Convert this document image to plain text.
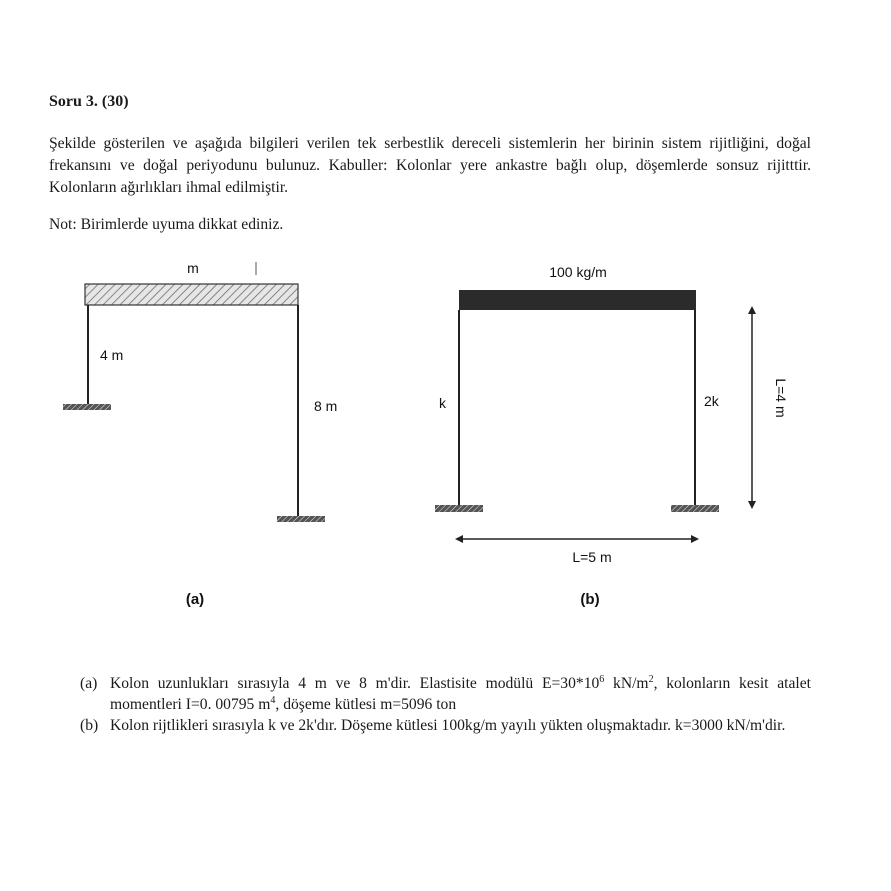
Soru 3. (30)
Şekilde gösterilen ve aşağıda bilgileri verilen tek serbestlik dereceli sistemlerin her birinin sistem rijitliğini, doğal frekansını ve doğal periyodunu bulunuz. Kabuller: Kolonlar yere ankastre bağlı olup, döşemlerde sonsuz rijitttir. Kolonların ağırlıkları ihmal edilmiştir.
Not: Birimlerde uyuma dikkat ediniz.
m
4 m
8 m
(a)
100 kg/m
k	2k	L=4 m
L=5 m
(b)
(a) Kolon uzunlukları sırasıyla 4 m ve 8 m'dir. Elastisite modülü $E=30*10^6$ $kN/m^2$, kolonların kesit atalet momentleri I=0. 00795 $m^4$, döşeme kütlesi m=5096 ton
(b) Kolon rijtlikleri sırasıyla k ve 2k'dır. Döşeme kütlesi 100kg/m yayılı yükten oluşmaktadır. k=3000 kN/m'dir.
